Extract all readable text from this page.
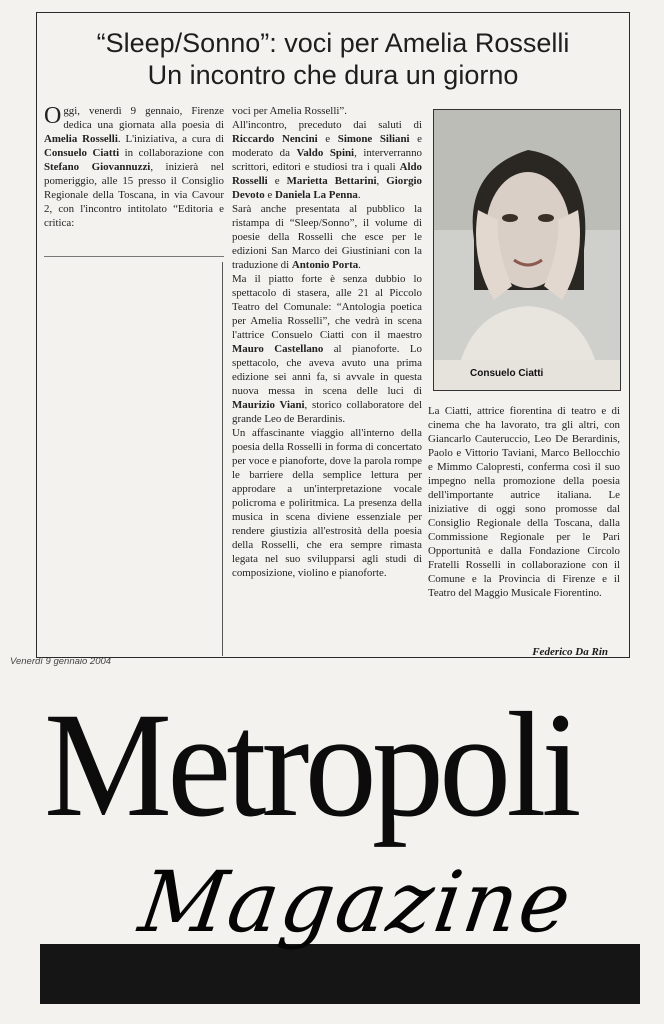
“Sleep/Sonno”: voci per Amelia Rosselli
Un incontro che dura un giorno
Consuelo Ciatti
O ggi, venerdì 9 gennaio, Firenze dedica una giornata alla poesia di Amelia Rosselli. L'iniziativa, a cura di Consuelo Ciatti in collaborazione con Stefano Giovannuzzi, inizierà nel pomeriggio, alle 15 presso il Consiglio Regionale della Toscana, in via Cavour 2, con l'incontro intitolato “Editoria e critica:

voci per Amelia Rosselli”.

All'incontro, preceduto dai saluti di Riccardo Nencini e Simone Siliani e moderato da Valdo Spini, interverranno scrittori, editori e studiosi tra i quali Aldo Rosselli e Marietta Bettarini, Giorgio Devoto e Daniela La Penna.

Sarà anche presentata al pubblico la ristampa di “Sleep/Sonno”, il volume di poesie della Rosselli che esce per le edizioni San Marco dei Giustiniani con la traduzione di Antonio Porta.

Ma il piatto forte è senza dubbio lo spettacolo di stasera, alle 21 al Piccolo Teatro del Comunale: “Antologia poetica per Amelia Rosselli”, che vedrà in scena l'attrice Consuelo Ciatti con il maestro Mauro Castellano al pianoforte. Lo spettacolo, che aveva avuto una prima edizione sei anni fa, si avvale in questa nuova messa in scena delle luci di Maurizio Viani, storico collaboratore del grande Leo de Berardinis.

Un affascinante viaggio all'interno della poesia della Rosselli in forma di concertato per voce e pianoforte, dove la parola rompe le barriere della semplice lettura per approdare a un'interpretazione vocale policroma e poliritmica. La presenza della musica in scena diviene essenziale per rendere giustizia all'estrosità della poesia della Rosselli, che era sempre rimasta legata nel suo svilupparsi agli studi di composizione, violino e pianoforte.

La Ciatti, attrice fiorentina di teatro e di cinema che ha lavorato, tra gli altri, con Giancarlo Cauteruccio, Leo De Berardinis, Paolo e Vittorio Taviani, Marco Bellocchio e Mimmo Calopresti, conferma così il suo impegno nella promozione della poesia dell'importante autrice italiana. Le iniziative di oggi sono promosse dal Consiglio Regionale della Toscana, dalla Commissione Regionale per le Pari Opportunità e dalla Fondazione Circolo Fratelli Rosselli in collaborazione con il Comune e la Provincia di Firenze e il Teatro del Maggio Musicale Fiorentino.

Federico Da Rin
Venerdì 9 gennaio 2004
Metropoli
Magazine
